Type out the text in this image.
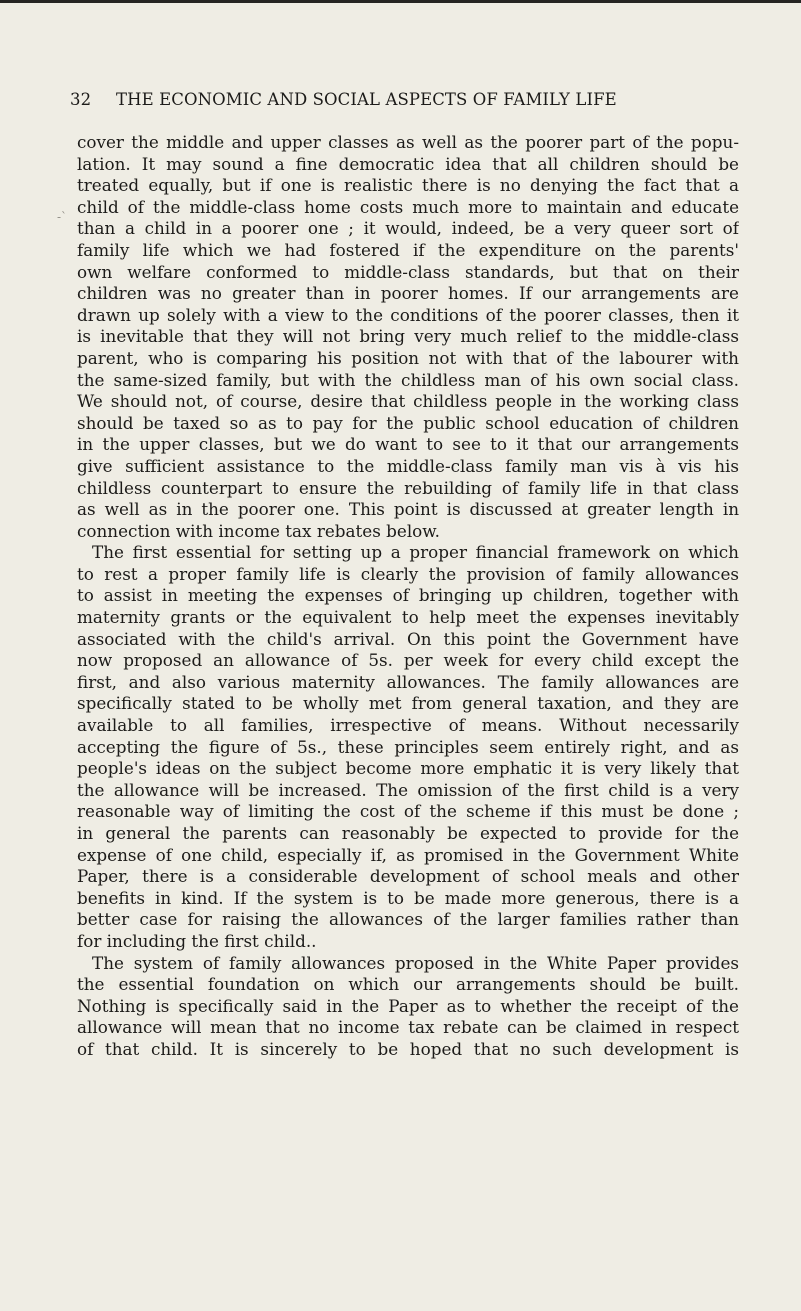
32 THE ECONOMIC AND SOCIAL ASPECTS OF FAMILY LIFE
-ˋ
cover the middle and upper classes as well as the poorer part of the popu-
lation. It may sound a fine democratic idea that all children should be
treated equally, but if one is realistic there is no denying the fact that a
child of the middle-class home costs much more to maintain and educate
than a child in a poorer one ; it would, indeed, be a very queer sort of
family life which we had fostered if the expenditure on the parents'
own welfare conformed to middle-class standards, but that on their
children was no greater than in poorer homes. If our arrangements are
drawn up solely with a view to the conditions of the poorer classes, then it
is inevitable that they will not bring very much relief to the middle-class
parent, who is comparing his position not with that of the labourer with
the same-sized family, but with the childless man of his own social class.
We should not, of course, desire that childless people in the working class
should be taxed so as to pay for the public school education of children
in the upper classes, but we do want to see to it that our arrangements
give sufficient assistance to the middle-class family man vis à vis his
childless counterpart to ensure the rebuilding of family life in that class
as well as in the poorer one. This point is discussed at greater length in
connection with income tax rebates below.
The first essential for setting up a proper financial framework on which
to rest a proper family life is clearly the provision of family allowances
to assist in meeting the expenses of bringing up children, together with
maternity grants or the equivalent to help meet the expenses inevitably
associated with the child's arrival. On this point the Government have
now proposed an allowance of 5s. per week for every child except the
first, and also various maternity allowances. The family allowances are
specifically stated to be wholly met from general taxation, and they are
available to all families, irrespective of means. Without necessarily
accepting the figure of 5s., these principles seem entirely right, and as
people's ideas on the subject become more emphatic it is very likely that
the allowance will be increased. The omission of the first child is a very
reasonable way of limiting the cost of the scheme if this must be done ;
in general the parents can reasonably be expected to provide for the
expense of one child, especially if, as promised in the Government White
Paper, there is a considerable development of school meals and other
benefits in kind. If the system is to be made more generous, there is a
better case for raising the allowances of the larger families rather than
for including the first child..
The system of family allowances proposed in the White Paper provides
the essential foundation on which our arrangements should be built.
Nothing is specifically said in the Paper as to whether the receipt of the
allowance will mean that no income tax rebate can be claimed in respect
of that child. It is sincerely to be hoped that no such development is
